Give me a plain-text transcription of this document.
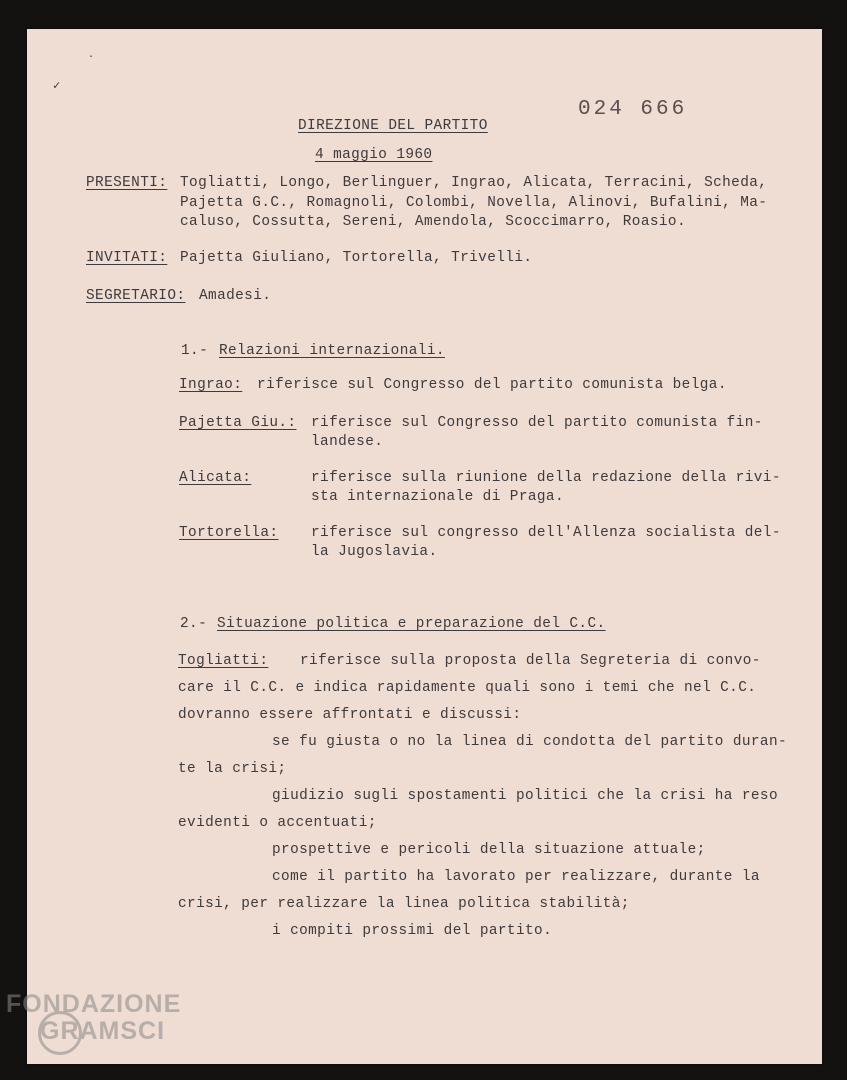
✓
·
DIREZIONE DEL PARTITO
024 666
4 maggio 1960
PRESENTI: Togliatti, Longo, Berlinguer, Ingrao, Alicata, Terracini, Scheda,
Pajetta G.C., Romagnoli, Colombi, Novella, Alinovi, Bufalini, Ma-
caluso, Cossutta, Sereni, Amendola, Scoccimarro, Roasio.
INVITATI: Pajetta Giuliano, Tortorella, Trivelli.
SEGRETARIO: Amadesi.
1.- Relazioni internazionali.
Ingrao: riferisce sul Congresso del partito comunista belga.
Pajetta Giu.: riferisce sul Congresso del partito comunista fin-
landese.
Alicata:	riferisce sulla riunione della redazione della rivi-
sta internazionale di Praga.
Tortorella: riferisce sul congresso dell'Allenza socialista del-
la Jugoslavia.
2.- Situazione politica e preparazione del C.C.
Togliatti: riferisce sulla proposta della Segreteria di convo-
care il C.C. e indica rapidamente quali sono i temi che nel C.C.
dovranno essere affrontati e discussi:
se fu giusta o no la linea di condotta del partito duran-
te la crisi;
giudizio sugli spostamenti politici che la crisi ha reso
evidenti o accentuati;
prospettive e pericoli della situazione attuale;
come il partito ha lavorato per realizzare, durante la
crisi, per realizzare la linea politica stabilità;
i compiti prossimi del partito.
FONDAZIONE
GRAMSCI
